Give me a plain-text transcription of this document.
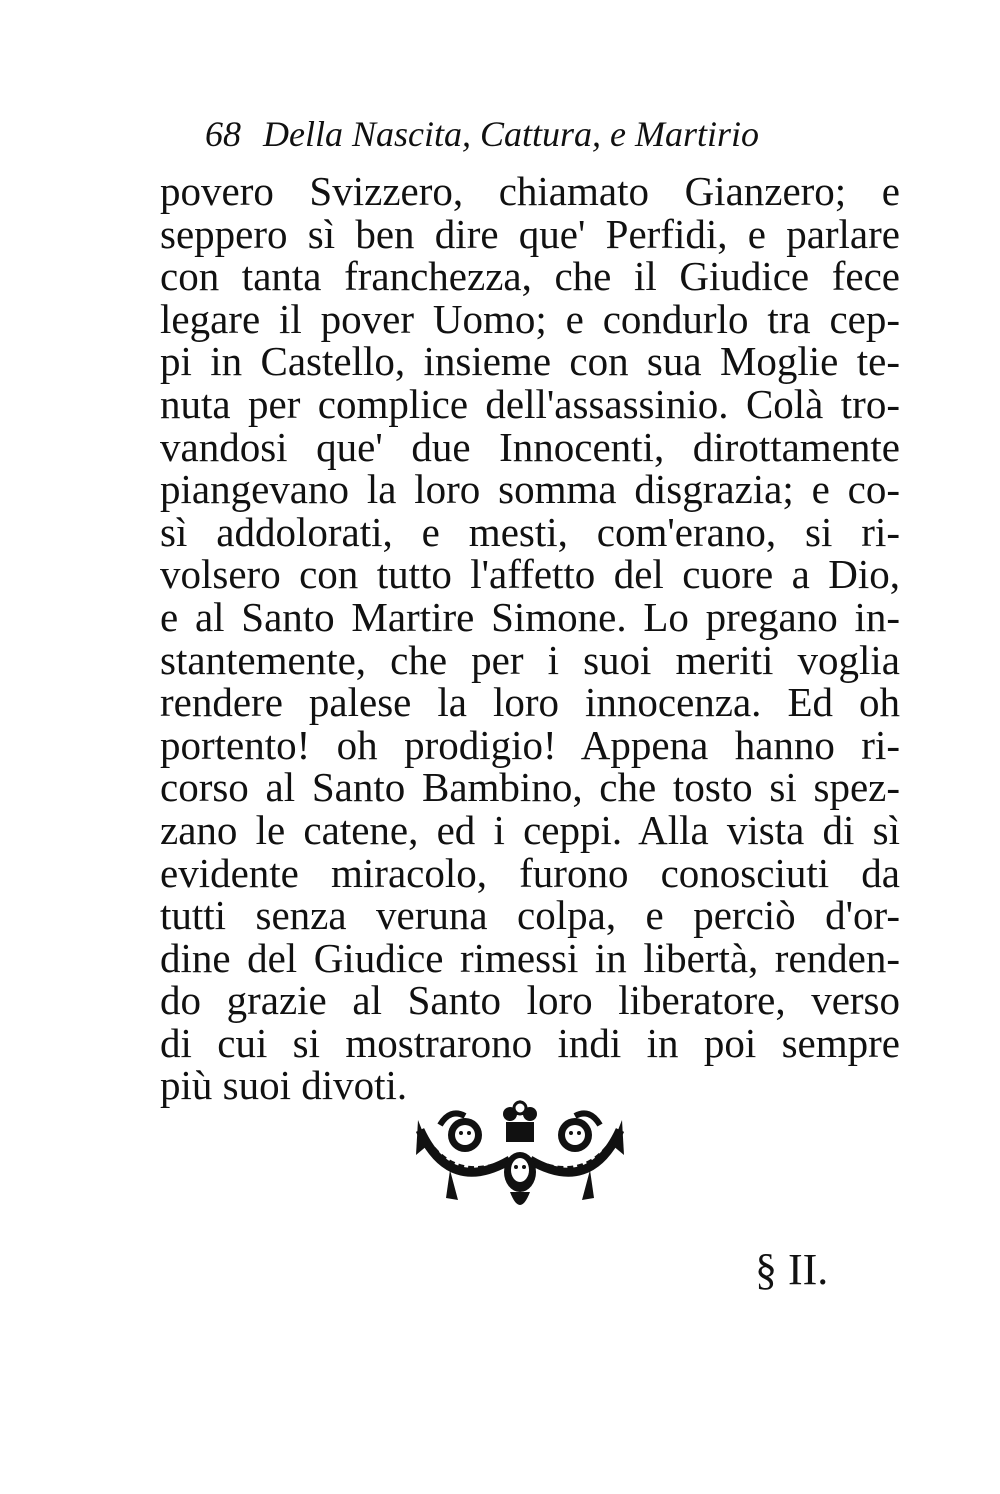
68 Della Nascita, Cattura, e Martirio
povero Svizzero, chiamato Gianzero; e
seppero sì ben dire que' Perfidi, e parlare
con tanta franchezza, che il Giudice fece
legare il pover Uomo; e condurlo tra cep-
pi in Castello, insieme con sua Moglie te-
nuta per complice dell'assassinio. Colà tro-
vandosi que' due Innocenti, dirottamente
piangevano la loro somma disgrazia; e co-
sì addolorati, e mesti, com'erano, si ri-
volsero con tutto l'affetto del cuore a Dio,
e al Santo Martire Simone. Lo pregano in-
stantemente, che per i suoi meriti voglia
rendere palese la loro innocenza. Ed oh
portento! oh prodigio! Appena hanno ri-
corso al Santo Bambino, che tosto si spez-
zano le catene, ed i ceppi. Alla vista di sì
evidente miracolo, furono conosciuti da
tutti senza veruna colpa, e perciò d'or-
dine del Giudice rimessi in libertà, renden-
do grazie al Santo loro liberatore, verso
di cui si mostrarono indi in poi sempre
più suoi divoti.
§ II.
